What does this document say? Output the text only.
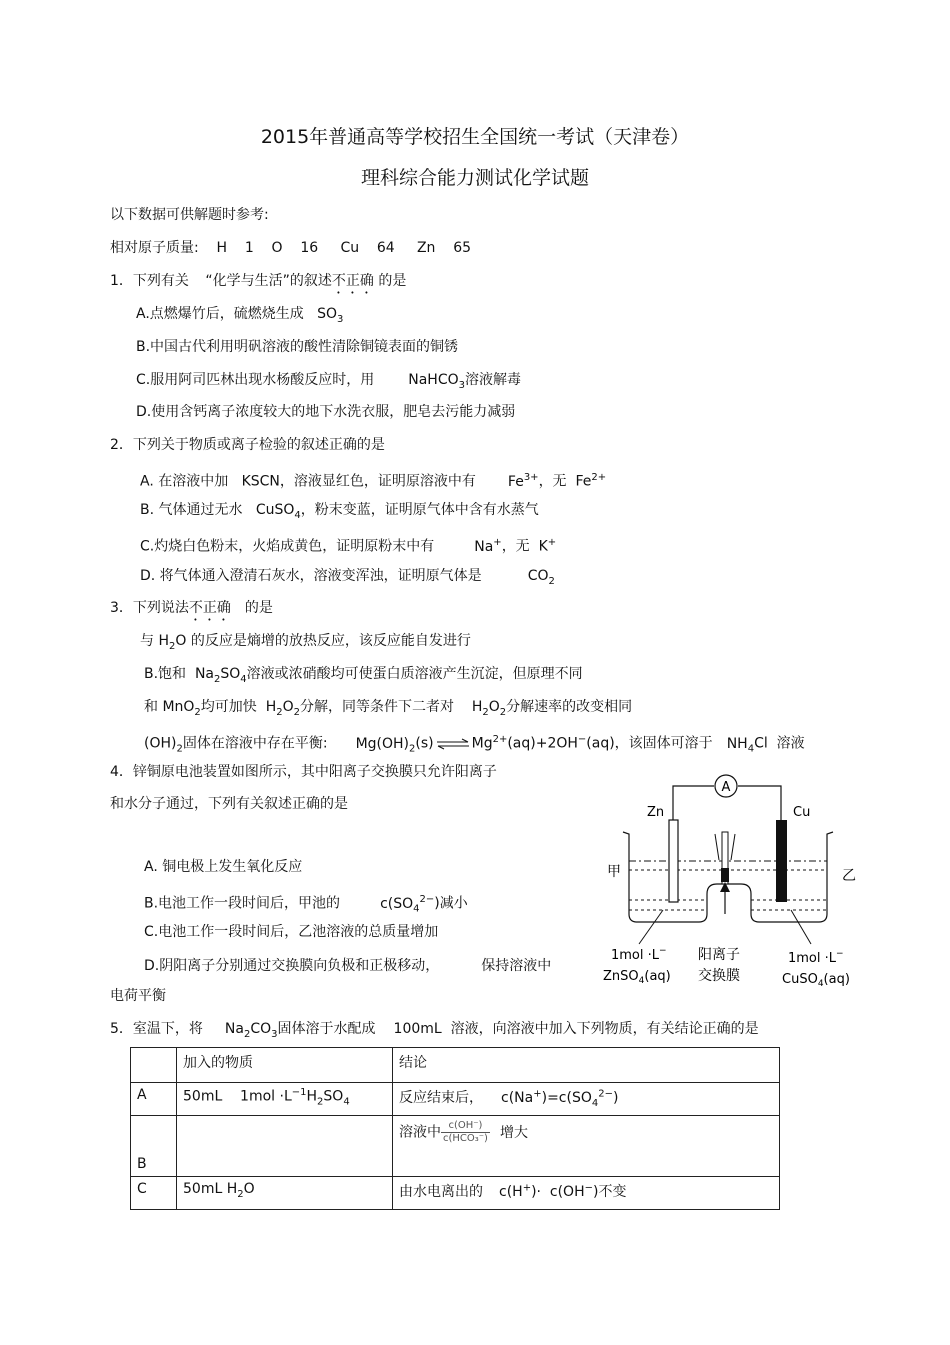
2015年普通高等学校招生全国统一考试（天津卷）
理科综合能力测试化学试题
以下数据可供解题时参考:
相对原子质量:    H    1    O    16     Cu    64     Zn    65
1．下列有关 “化学与生活”的叙述不正确 的是
A.点燃爆竹后，硫燃烧生成   $SO_3$
B.中国古代利用明矾溶液的酸性清除铜镜表面的铜锈
C.服用阿司匹林出现水杨酸反应时，用 NaHCO$_3$溶液解毒
D.使用含钙离子浓度较大的地下水洗衣服，肥皂去污能力减弱
2．下列关于物质或离子检验的叙述正确的是
A. 在溶液中加   KSCN，溶液显红色，证明原溶液中有 $Fe^{3+}$，无  $Fe^{2+}$
B. 气体通过无水   CuSO$_4$，粉末变蓝，证明原气体中含有水蒸气
C.灼烧白色粉末，火焰成黄色，证明原粉末中有	Na+，无  K+
D. 将气体通入澄清石灰水，溶液变浑浊，证明原气体是	$CO_2$
3．下列说法不正确 的是
与 $H_2O$ 的反应是熵增的放热反应，该反应能自发进行
B.饱和  $Na_2SO_4$溶液或浓硝酸均可使蛋白质溶液产生沉淀，但原理不同
和 MnO$_2$均可加快  $H_2O_2$分解，同等条件下二者对    $H_2O_2$分解速率的改变相同
$(OH)_2$固体在溶液中存在平衡: $Mg(OH)_2(s)$ ⇌ $Mg^{2+}(aq)+2OH^-(aq)$，该固体可溶于 $NH_4Cl$  溶液
4．锌铜原电池装置如图所示，其中阳离子交换膜只允许阳离子
和水分子通过，下列有关叙述正确的是
A. 铜电极上发生氧化反应
B.电池工作一段时间后，甲池的	$c(SO_4^{2-})$减小
C.电池工作一段时间后，乙池溶液的总质量增加
D.阴阳离子分别通过交换膜向负极和正极移动，	保持溶液中
电荷平衡
A
Zn	Cu
甲	乙
1mol ·L−
ZnSO$_4$(aq)
阳离子
交换膜
1mol ·L−
CuSO$_4$(aq)
5．室温下，将 $Na_2CO_3$固体溶于水配成 100mL  溶液，向溶液中加入下列物质，有关结论正确的是
	加入的物质	结论
A	50mL    $1mol \cdot L^{-1}H_2SO_4$	反应结束后， $c(Na^+)=c(SO_4^{2-})$
B		溶液中 $\frac{c(OH^-)}{\text{c(HCO₃⁻)}}$ 增大
C	50mL $H_2O$	由水电离出的 c(H+)·  c(OH−)不变
